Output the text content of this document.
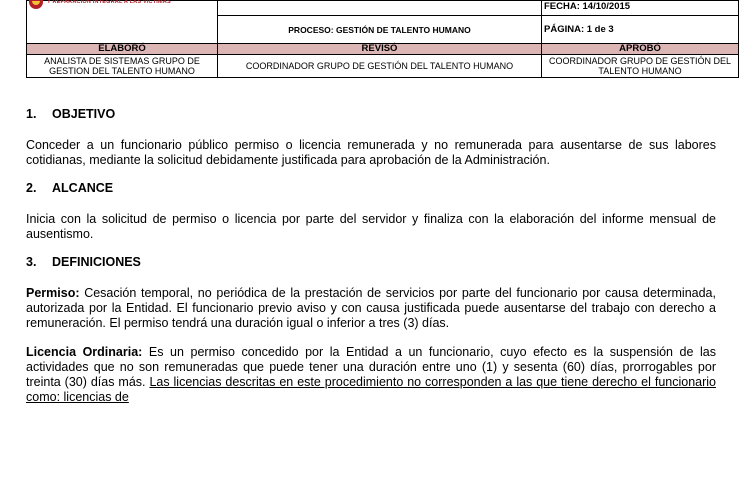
Y REPARACION INTEGRAL A LAS VICTIMAS		FECHA: 14/10/2015
	PROCESO: GESTIÓN DE TALENTO HUMANO	PÁGINA: 1 de 3
ELABORÓ	REVISÓ	APROBÓ
ANALISTA DE SISTEMAS GRUPO DE GESTION DEL TALENTO HUMANO	COORDINADOR GRUPO DE GESTIÓN DEL TALENTO HUMANO	COORDINADOR GRUPO DE GESTIÓN DEL TALENTO HUMANO
1. OBJETIVO

Conceder a un funcionario público permiso o licencia remunerada y no remunerada para ausentarse de sus labores cotidianas, mediante la solicitud debidamente justificada para aprobación de la Administración.

2. ALCANCE

Inicia con la solicitud de permiso o licencia por parte del servidor y finaliza con la elaboración del informe mensual de ausentismo.

3. DEFINICIONES

Permiso: Cesación temporal, no periódica de la prestación de servicios por parte del funcionario por causa determinada, autorizada por la Entidad. El funcionario previo aviso y con causa justificada puede ausentarse del trabajo con derecho a remuneración. El permiso tendrá una duración igual o inferior a tres (3) días.

Licencia Ordinaria: Es un permiso concedido por la Entidad a un funcionario, cuyo efecto es la suspensión de las actividades que no son remuneradas que puede tener una duración entre uno (1) y sesenta (60) días, prorrogables por treinta (30) días más. Las licencias descritas en este procedimiento no corresponden a las que tiene derecho el funcionario como: licencias de
